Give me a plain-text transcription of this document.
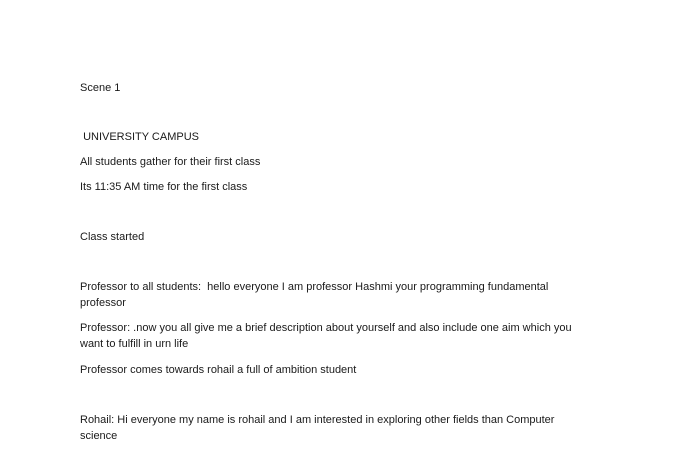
Scene 1
UNIVERSITY CAMPUS
All students gather for their first class
Its 11:35 AM time for the first class
Class started
Professor to all students:  hello everyone I am professor Hashmi your programming fundamental professor
Professor: .now you all give me a brief description about yourself and also include one aim which you want to fulfill in urn life
Professor comes towards rohail a full of ambition student
Rohail: Hi everyone my name is rohail and I am interested in exploring other fields than Computer science
